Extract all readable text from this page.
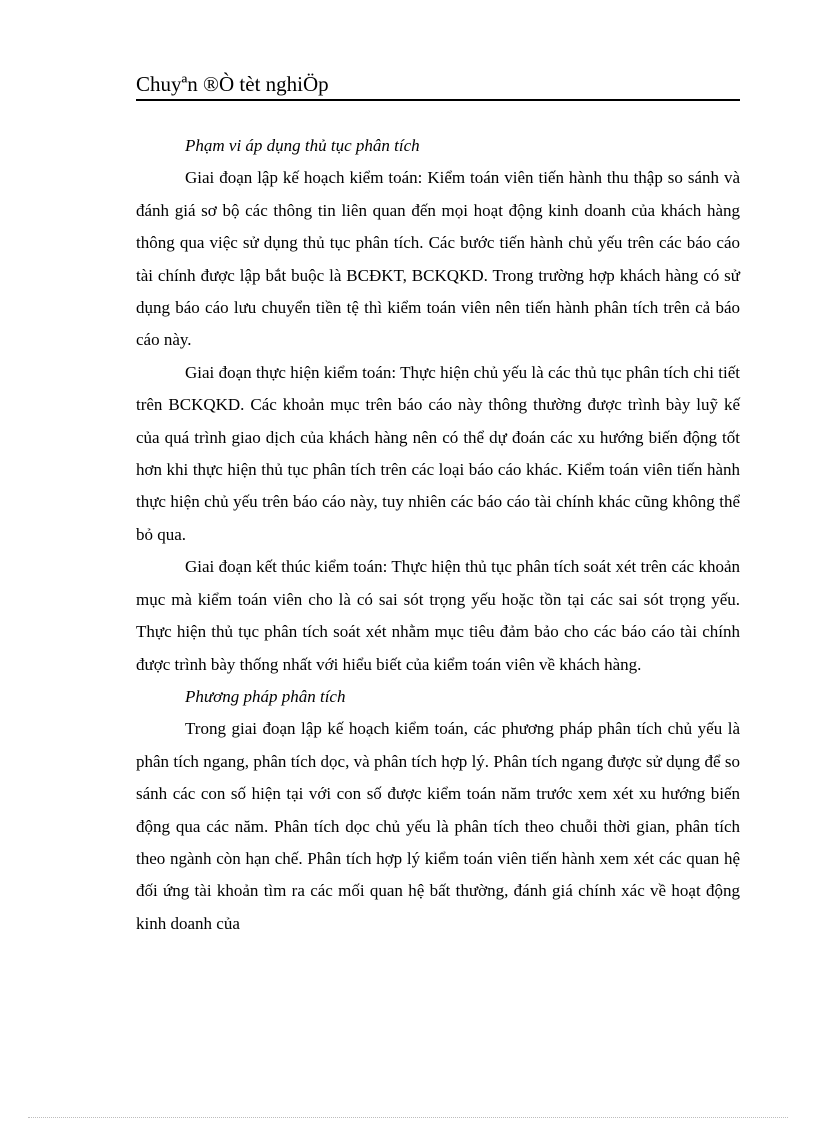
Chuyªn ®Ò tèt nghiÖp

Phạm vi áp dụng thủ tục phân tích

Giai đoạn lập kế hoạch kiểm toán: Kiểm toán viên tiến hành thu thập so sánh và đánh giá sơ bộ các thông tin liên quan đến mọi hoạt động kinh doanh của khách hàng thông qua việc sử dụng thủ tục phân tích. Các bước tiến hành chủ yếu trên các báo cáo tài chính được lập bắt buộc là BCĐKT, BCKQKD. Trong trường hợp khách hàng có sử dụng báo cáo lưu chuyển tiền tệ thì kiểm toán viên nên tiến hành phân tích trên cả báo cáo này.

Giai đoạn thực hiện kiểm toán: Thực hiện chủ yếu là các thủ tục phân tích chi tiết trên BCKQKD. Các khoản mục trên báo cáo này thông thường được trình bày luỹ kế của quá trình giao dịch của khách hàng nên có thể dự đoán các xu hướng biến động tốt hơn khi thực hiện thủ tục phân tích trên các loại báo cáo khác. Kiểm toán viên tiến hành thực hiện chủ yếu trên báo cáo này, tuy nhiên các báo cáo tài chính khác cũng không thể bỏ qua.

Giai đoạn kết thúc kiểm toán: Thực hiện thủ tục phân tích soát xét trên các khoản mục mà kiểm toán viên cho là có sai sót trọng yếu hoặc tồn tại các sai sót trọng yếu. Thực hiện thủ tục phân tích soát xét nhằm mục tiêu đảm bảo cho các báo cáo tài chính được trình bày thống nhất với hiểu biết của kiểm toán viên về khách hàng.

Phương pháp phân tích

Trong giai đoạn lập kế hoạch kiểm toán, các phương pháp phân tích chủ yếu là phân tích ngang, phân tích dọc, và phân tích hợp lý. Phân tích ngang được sử dụng để so sánh các con số hiện tại với con số được kiểm toán năm trước xem xét xu hướng biến động qua các năm. Phân tích dọc chủ yếu là phân tích theo chuỗi thời gian, phân tích theo ngành còn hạn chế. Phân tích hợp lý kiểm toán viên tiến hành xem xét các quan hệ đối ứng tài khoản tìm ra các mối quan hệ bất thường, đánh giá chính xác về hoạt động kinh doanh của
